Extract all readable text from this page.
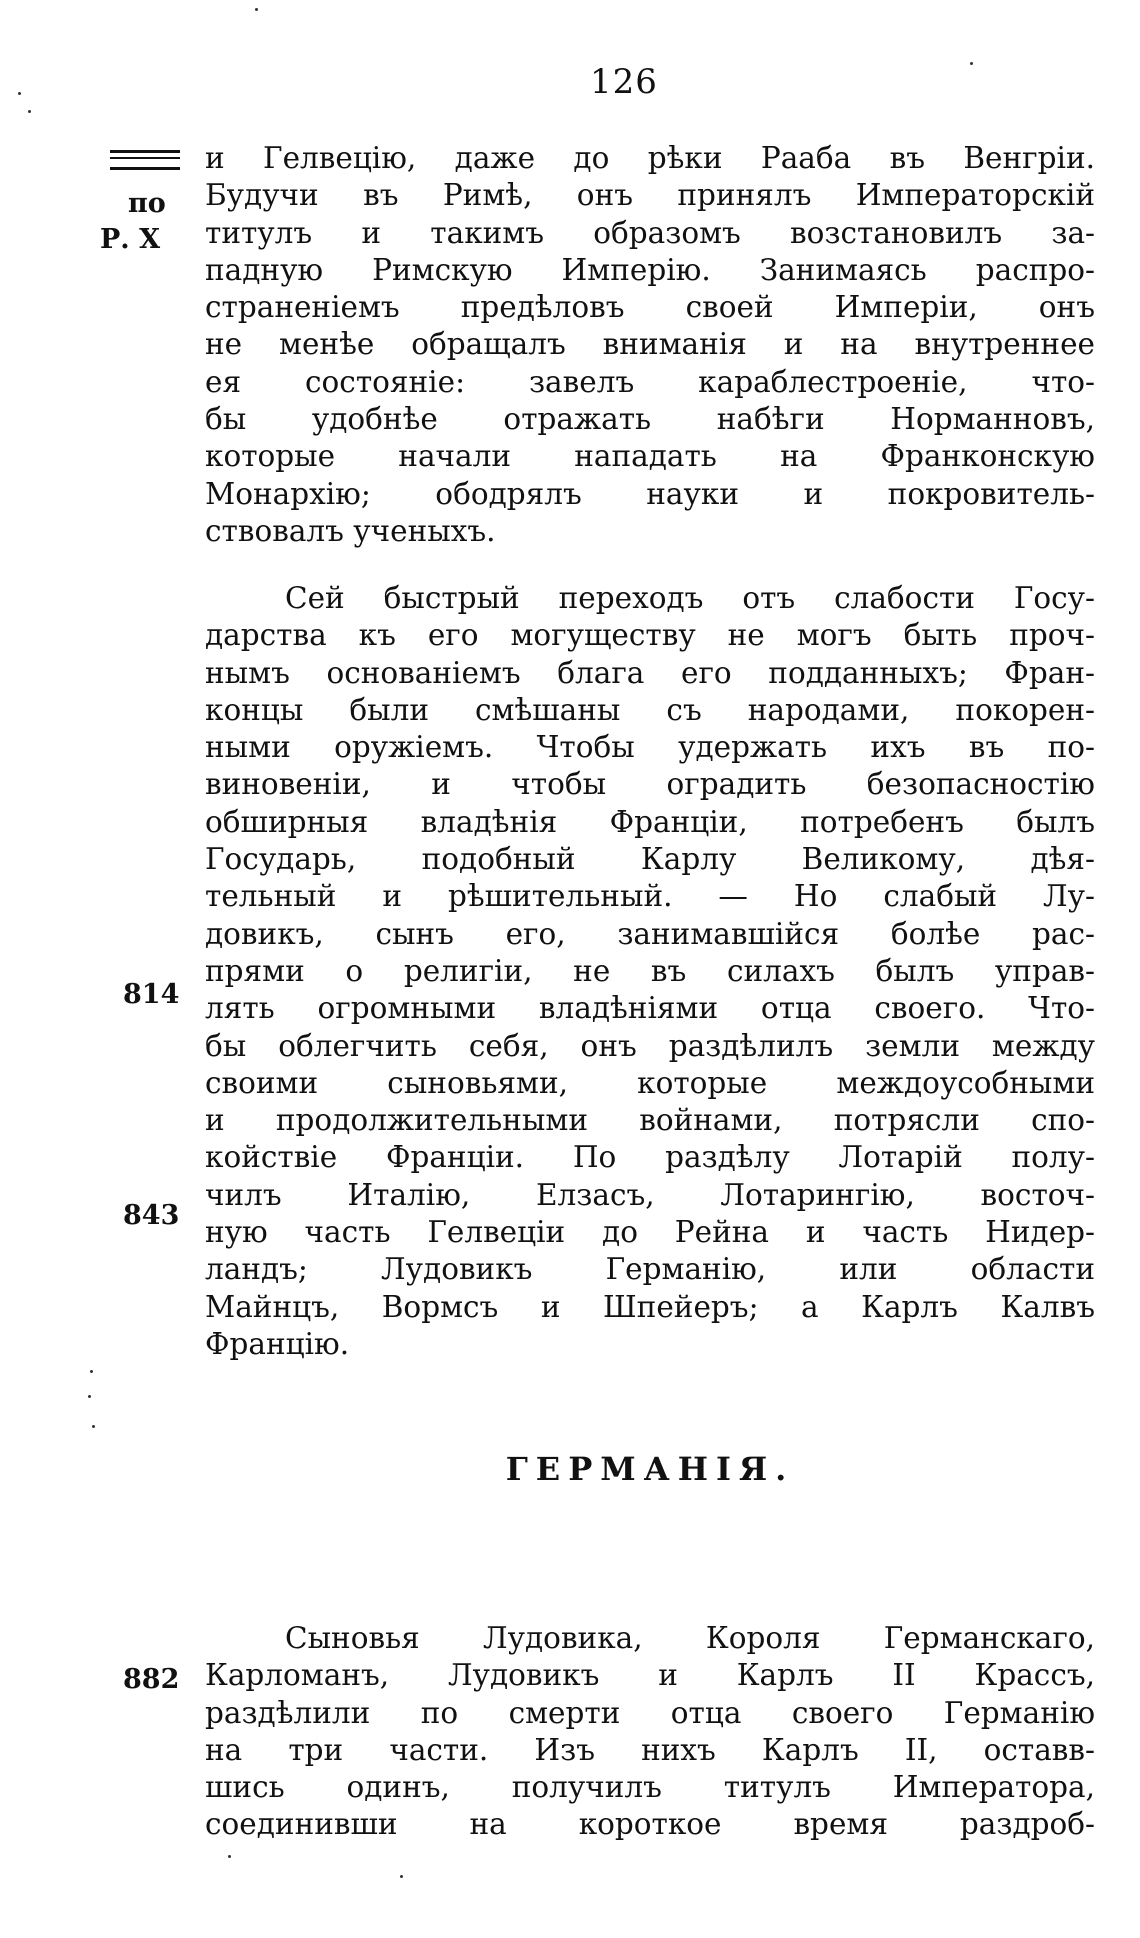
126
по
Р. Х
814
843
882
и Гелвецію, даже до рѣки Рааба въ Венгріи.
Будучи въ Римѣ, онъ принялъ Императорскій
титулъ и такимъ образомъ возстановилъ за-
падную Римскую Имперію. Занимаясь распро-
страненіемъ предѣловъ своей Имперіи, онъ
не менѣе обращалъ вниманія и на внутреннее
ея состояніе: завелъ караблестроеніе, что-
бы удобнѣе отражать набѣги Норманновъ,
которые начали нападать на Франконскую
Монархію; ободрялъ науки и покровитель-
ствовалъ ученыхъ.
Сей быстрый переходъ отъ слабости Госу-
дарства къ его могуществу не могъ быть проч-
нымъ основаніемъ блага его подданныхъ; Фран-
концы были смѣшаны съ народами, покорен-
ными оружіемъ. Чтобы удержать ихъ въ по-
виновеніи, и чтобы оградить безопасностію
обширныя владѣнія Франціи, потребенъ былъ
Государь, подобный Карлу Великому, дѣя-
тельный и рѣшительный. — Но слабый Лу-
довикъ, сынъ его, занимавшійся болѣе рас-
прями о религіи, не въ силахъ былъ управ-
лять огромными владѣніями отца своего. Что-
бы облегчить себя, онъ раздѣлилъ земли между
своими сыновьями, которые междоусобными
и продолжительными войнами, потрясли спо-
койствіе Франціи. По раздѣлу Лотарій полу-
чилъ Италію, Елзасъ, Лотарингію, восточ-
ную часть Гелвеціи до Рейна и часть Нидер-
ландъ; Лудовикъ Германію, или области
Майнцъ, Вормсъ и Шпейеръ; а Карлъ Калвъ
Францію.
ГЕРМАНІЯ.
Сыновья Лудовика, Короля Германскаго,
Карломанъ, Лудовикъ и Карлъ II Крассъ,
раздѣлили по смерти отца своего Германію
на три части. Изъ нихъ Карлъ II, оставв-
шись одинъ, получилъ титулъ Императора,
соединивши на короткое время раздроб-
